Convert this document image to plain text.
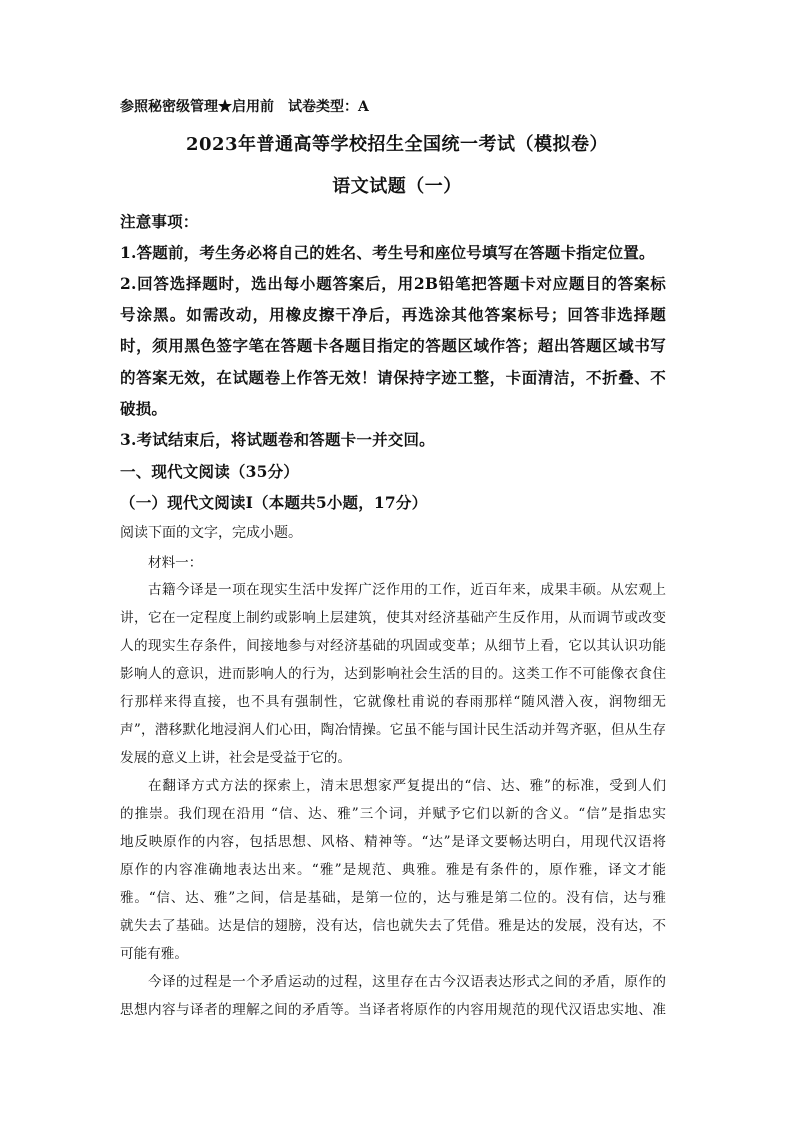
参照秘密级管理★启用前　试卷类型：A
2023年普通高等学校招生全国统一考试（模拟卷）
语文试题（一）
注意事项：
1.答题前，考生务必将自己的姓名、考生号和座位号填写在答题卡指定位置。
2.回答选择题时，选出每小题答案后，用2B铅笔把答题卡对应题目的答案标
号涂黑。如需改动，用橡皮擦干净后，再选涂其他答案标号；回答非选择题
时，须用黑色签字笔在答题卡各题目指定的答题区域作答；超出答题区域书写
的答案无效，在试题卷上作答无效！请保持字迹工整，卡面清洁，不折叠、不
破损。
3.考试结束后，将试题卷和答题卡一并交回。
一、现代文阅读（35分）
（一）现代文阅读Ⅰ（本题共5小题，17分）
阅读下面的文字，完成小题。
材料一：
古籍今译是一项在现实生活中发挥广泛作用的工作，近百年来，成果丰硕。从宏观上
讲，它在一定程度上制约或影响上层建筑，使其对经济基础产生反作用，从而调节或改变
人的现实生存条件，间接地参与对经济基础的巩固或变革；从细节上看，它以其认识功能
影响人的意识，进而影响人的行为，达到影响社会生活的目的。这类工作不可能像衣食住
行那样来得直接，也不具有强制性，它就像杜甫说的春雨那样“随风潜入夜，润物细无
声”，潜移默化地浸润人们心田，陶冶情操。它虽不能与国计民生活动并驾齐驱，但从生存
发展的意义上讲，社会是受益于它的。
在翻译方式方法的探索上，清末思想家严复提出的“信、达、雅”的标准，受到人们
的推崇。我们现在沿用 “信、达、雅”三个词，并赋予它们以新的含义。“信”是指忠实
地反映原作的内容，包括思想、风格、精神等。“达”是译文要畅达明白，用现代汉语将
原作的内容准确地表达出来。“雅”是规范、典雅。雅是有条件的，原作雅，译文才能
雅。“信、达、雅”之间，信是基础，是第一位的，达与雅是第二位的。没有信，达与雅
就失去了基础。达是信的翅膀，没有达，信也就失去了凭借。雅是达的发展，没有达，不
可能有雅。
今译的过程是一个矛盾运动的过程，这里存在古今汉语表达形式之间的矛盾，原作的
思想内容与译者的理解之间的矛盾等。当译者将原作的内容用规范的现代汉语忠实地、准
